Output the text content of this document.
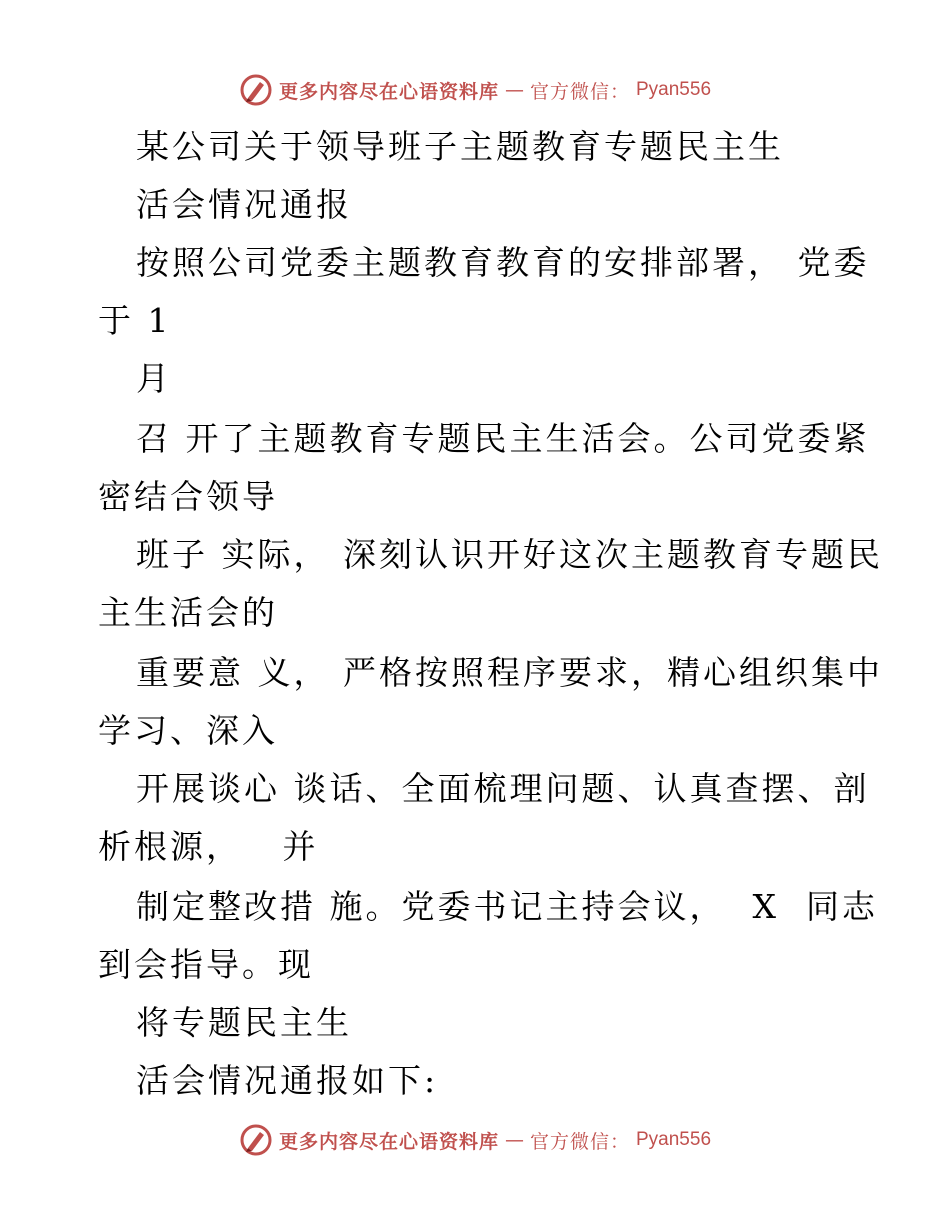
更多内容尽在心语资料库 — 官方微信： Pyan556
某公司关于领导班子主题教育专题民主生
活会情况通报
按照公司党委主题教育教育的安排部署， 党委
于 1
月
召 开了主题教育专题民主生活会。公司党委紧
密结合领导
班子 实际， 深刻认识开好这次主题教育专题民
主生活会的
重要意 义， 严格按照程序要求，精心组织集中
学习、深入
开展谈心 谈话、全面梳理问题、认真查摆、剖
析根源，   并
制定整改措 施。党委书记主持会议，  X  同志
到会指导。现
将专题民主生
活会情况通报如下:
更多内容尽在心语资料库 — 官方微信： Pyan556
